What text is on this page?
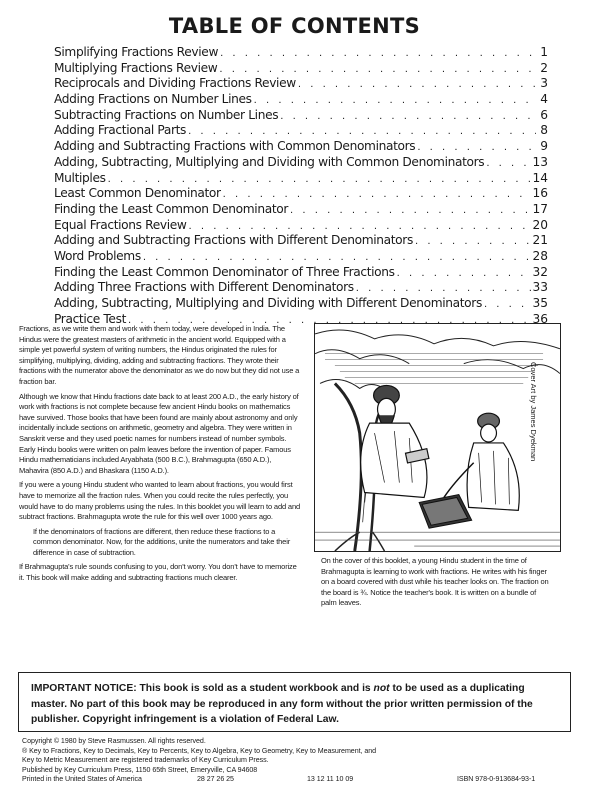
TABLE OF CONTENTS
Simplifying Fractions Review . . .	1
Multiplying Fractions Review . . .	2
Reciprocals and Dividing Fractions Review . . .	3
Adding Fractions on Number Lines . . .	4
Subtracting Fractions on Number Lines . . .	6
Adding Fractional Parts . . .	8
Adding and Subtracting Fractions with Common Denominators . . .	9
Adding, Subtracting, Multiplying and Dividing with Common Denominators . . .	13
Multiples . . .	14
Least Common Denominator . . .	16
Finding the Least Common Denominator . . .	17
Equal Fractions Review . . .	20
Adding and Subtracting Fractions with Different Denominators . . .	21
Word Problems . . .	28
Finding the Least Common Denominator of Three Fractions . . .	32
Adding Three Fractions with Different Denominators . . .	33
Adding, Subtracting, Multiplying and Dividing with Different Denominators . . .	35
Practice Test . . .	36

Fractions, as we write them and work with them today, were developed in India. The Hindus were the greatest masters of arithmetic in the ancient world. Equipped with a simple yet powerful system of writing numbers, the Hindus originated the rules for simplifying, multiplying, dividing, adding and subtracting fractions. They wrote their fractions with the numerator above the denominator as we do now but they did not use a fraction bar.

Although we know that Hindu fractions date back to at least 200 A.D., the early history of work with fractions is not complete because few ancient Hindu books on mathematics have survived. Those books that have been found are mainly about astronomy and only incidentally include sections on arithmetic, geometry and algebra. They were written in Sanskrit verse and they used poetic names for numbers instead of number symbols. Early Hindu books were written on palm leaves before the invention of paper. Famous Hindu mathematicians included Aryabhata (500 B.C.), Brahmagupta (650 A.D.), Mahavira (850 A.D.) and Bhaskara (1150 A.D.).

If you were a young Hindu student who wanted to learn about fractions, you would first have to memorize all the fraction rules. When you could recite the rules perfectly, you would have to do many problems using the rules. In this booklet you will learn to add and subtract fractions. Brahmagupta wrote the rule for this well over 1000 years ago.

If the denominators of fractions are different, then reduce these fractions to a common denominator. Now, for the additions, unite the numerators and take their difference in case of subtraction.

If Brahmagupta's rule sounds confusing to you, don't worry. You don't have to memorize it. This book will make adding and subtracting fractions much clearer.

Cover Art by James Dyekman
On the cover of this booklet, a young Hindu student in the time of Brahmagupta is learning to work with fractions. He writes with his finger on a board covered with dust while his teacher looks on. The fraction on the board is ¾. Notice the teacher's book. It is written on a bundle of palm leaves.
IMPORTANT NOTICE: This book is sold as a student workbook and is not to be used as a duplicating master. No part of this book may be reproduced in any form without the prior written permission of the publisher. Copyright infringement is a violation of Federal Law.
Copyright © 1980 by Steve Rasmussen. All rights reserved.
® Key to Fractions, Key to Decimals, Key to Percents, Key to Algebra, Key to Geometry, Key to Measurement, and
Key to Metric Measurement are registered trademarks of Key Curriculum Press.
Published by Key Curriculum Press, 1150 65th Street, Emeryville, CA 94608
Printed in the United States of America	28 27 26 25	13 12 11 10 09	ISBN 978-0-913684-93-1
